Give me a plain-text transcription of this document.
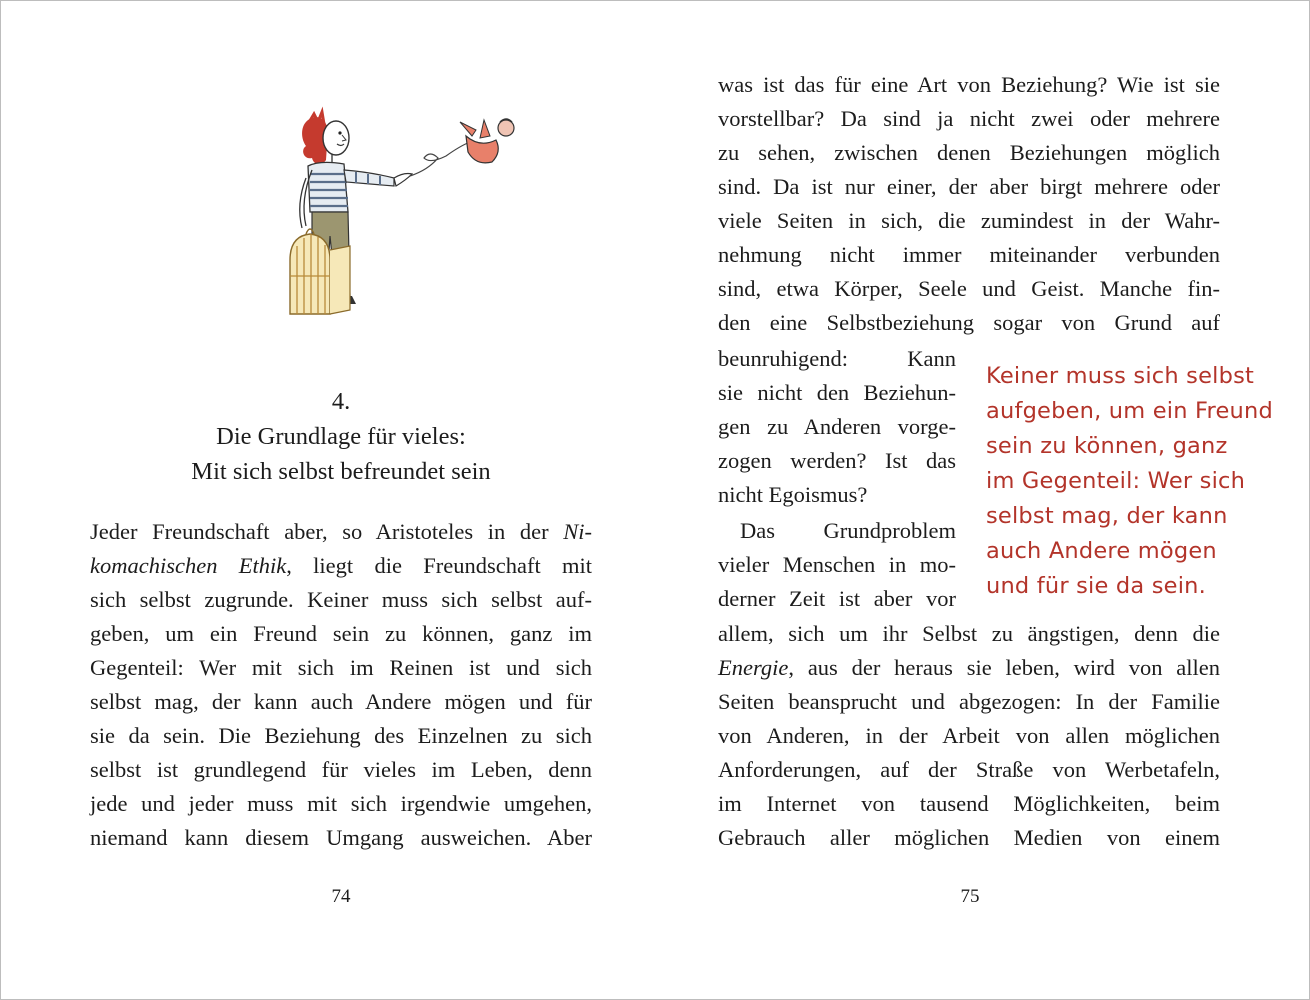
4.
Die Grundlage für vieles:
Mit sich selbst befreundet sein
Jeder Freundschaft aber, so Aristoteles in der Ni-
komachischen Ethik, liegt die Freundschaft mit
sich selbst zugrunde. Keiner muss sich selbst auf-
geben, um ein Freund sein zu können, ganz im
Gegenteil: Wer mit sich im Reinen ist und sich
selbst mag, der kann auch Andere mögen und für
sie da sein. Die Beziehung des Einzelnen zu sich
selbst ist grundlegend für vieles im Leben, denn
jede und jeder muss mit sich irgendwie umgehen,
niemand kann diesem Umgang ausweichen. Aber
74
was ist das für eine Art von Beziehung? Wie ist sie
vorstellbar? Da sind ja nicht zwei oder mehrere
zu sehen, zwischen denen Beziehungen möglich
sind. Da ist nur einer, der aber birgt mehrere oder
viele Seiten in sich, die zumindest in der Wahr-
nehmung nicht immer miteinander verbunden
sind, etwa Körper, Seele und Geist. Manche fin-
den eine Selbstbeziehung sogar von Grund auf
beunruhigend: Kann
sie nicht den Beziehun-
gen zu Anderen vorge-
zogen werden? Ist das
nicht Egoismus?
Das Grundproblem
vieler Menschen in mo-
derner Zeit ist aber vor
allem, sich um ihr Selbst zu ängstigen, denn die
Energie, aus der heraus sie leben, wird von allen
Seiten beansprucht und abgezogen: In der Familie
von Anderen, in der Arbeit von allen möglichen
Anforderungen, auf der Straße von Werbetafeln,
im Internet von tausend Möglichkeiten, beim
Gebrauch aller möglichen Medien von einem
Keiner muss sich selbst
aufgeben, um ein Freund
sein zu können, ganz
im Gegenteil: Wer sich
selbst mag, der kann
auch Andere mögen
und für sie da sein.
75
